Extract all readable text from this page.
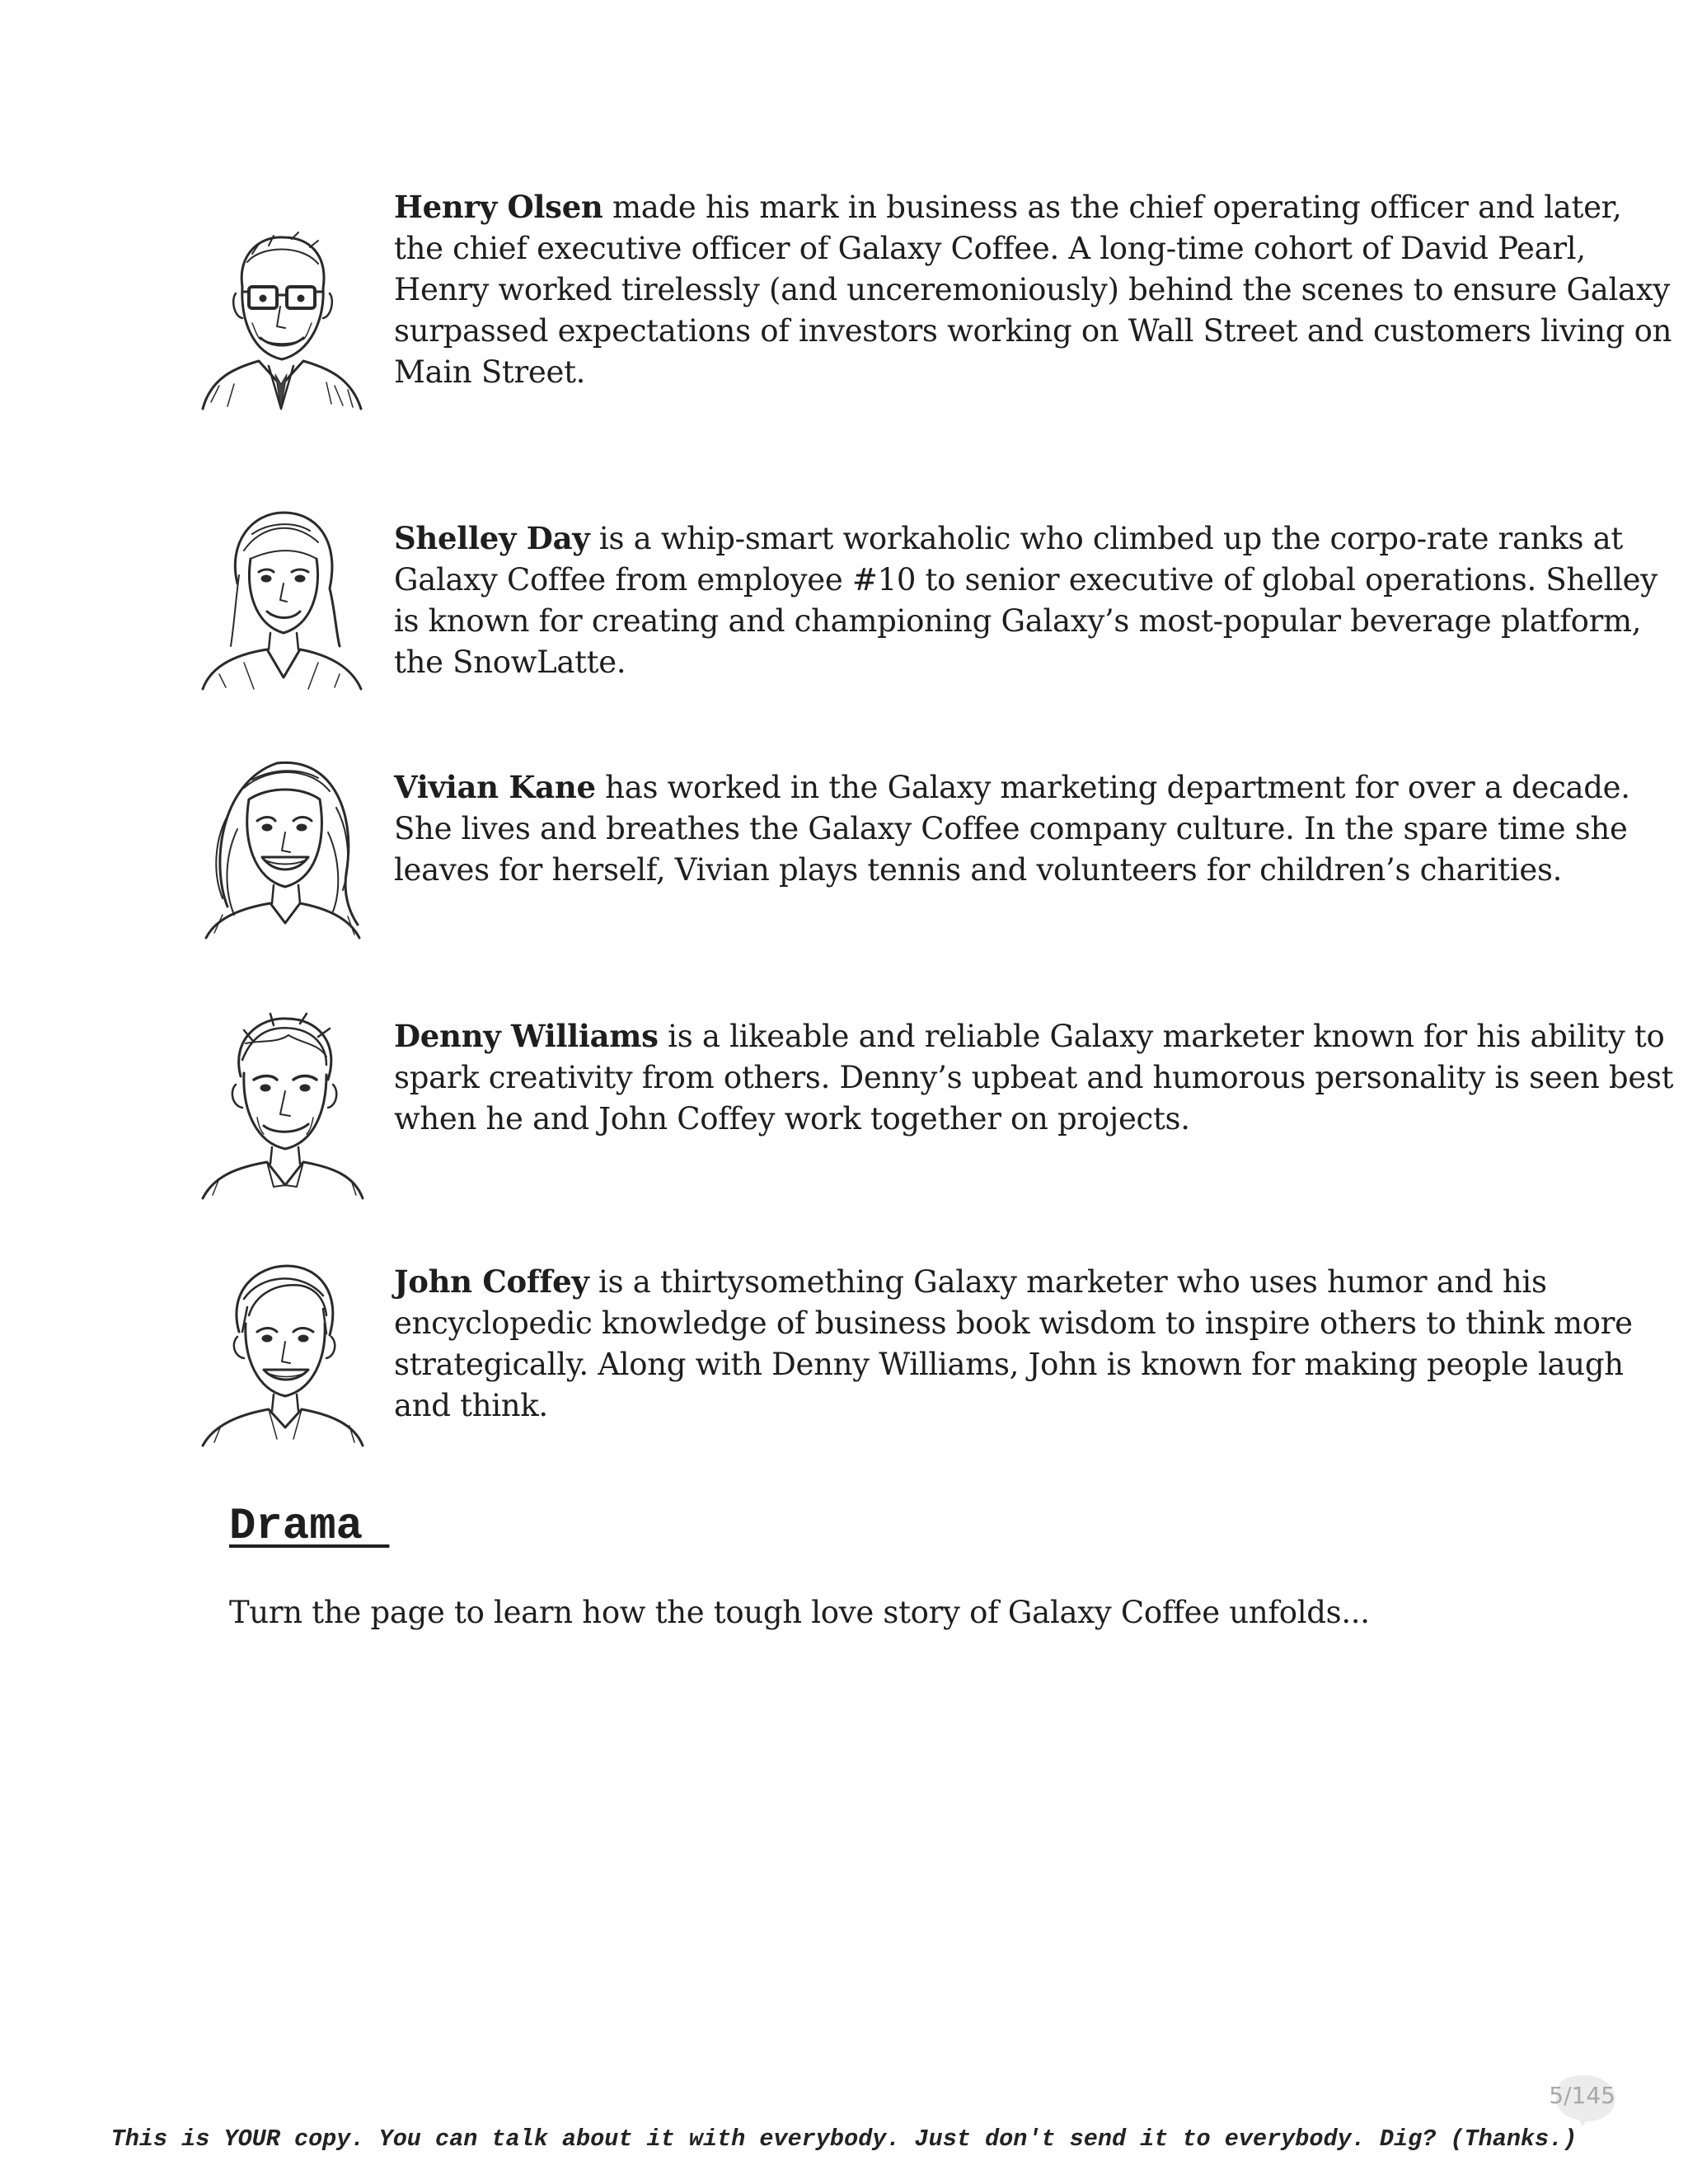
Henry Olsen made his mark in business as the chief operating officer and later, the chief executive officer of Galaxy Coffee. A long-time cohort of David Pearl, Henry worked tirelessly (and unceremoniously) behind the scenes to ensure Galaxy surpassed expectations of investors working on Wall Street and customers living on Main Street.

Shelley Day is a whip-smart workaholic who climbed up the corpo-rate ranks at Galaxy Coffee from employee #10 to senior executive of global operations. Shelley is known for creating and championing Galaxy’s most-popular beverage platform, the SnowLatte.

Vivian Kane has worked in the Galaxy marketing department for over a decade. She lives and breathes the Galaxy Coffee company culture. In the spare time she leaves for herself, Vivian plays tennis and volunteers for children’s charities.

Denny Williams is a likeable and reliable Galaxy marketer known for his ability to spark creativity from others. Denny’s upbeat and humorous personality is seen best when he and John Coffey work together on projects.

John Coffey is a thirtysomething Galaxy marketer who uses humor and his encyclopedic knowledge of business book wisdom to inspire others to think more strategically. Along with Denny Williams, John is known for making people laugh and think.

Drama

Turn the page to learn how the tough love story of Galaxy Coffee unfolds...

5/145

This is YOUR copy. You can talk about it with everybody. Just don't send it to everybody. Dig? (Thanks.)
